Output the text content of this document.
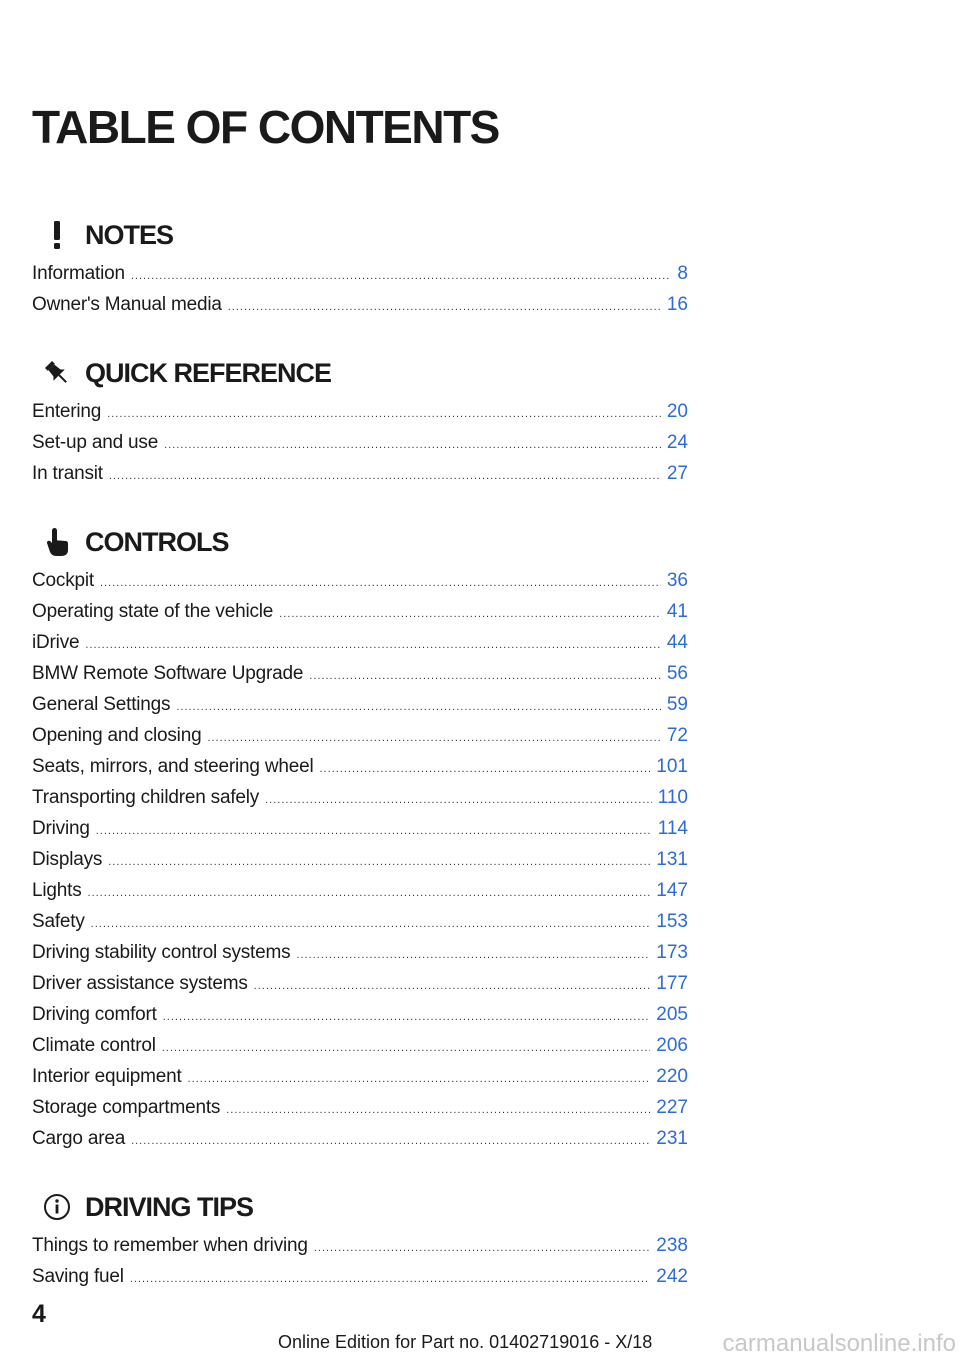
TABLE OF CONTENTS
NOTES
Information .....	8
Owner's Manual media .....	16
QUICK REFERENCE
Entering .....	20
Set-up and use .....	24
In transit .....	27
CONTROLS
Cockpit .....	36
Operating state of the vehicle .....	41
iDrive .....	44
BMW Remote Software Upgrade .....	56
General Settings .....	59
Opening and closing .....	72
Seats, mirrors, and steering wheel .....	101
Transporting children safely .....	110
Driving .....	114
Displays .....	131
Lights .....	147
Safety .....	153
Driving stability control systems .....	173
Driver assistance systems .....	177
Driving comfort .....	205
Climate control .....	206
Interior equipment .....	220
Storage compartments .....	227
Cargo area .....	231
DRIVING TIPS
Things to remember when driving .....	238
Saving fuel .....	242
4
Online Edition for Part no. 01402719016 - X/18	carmanualsonline.info
